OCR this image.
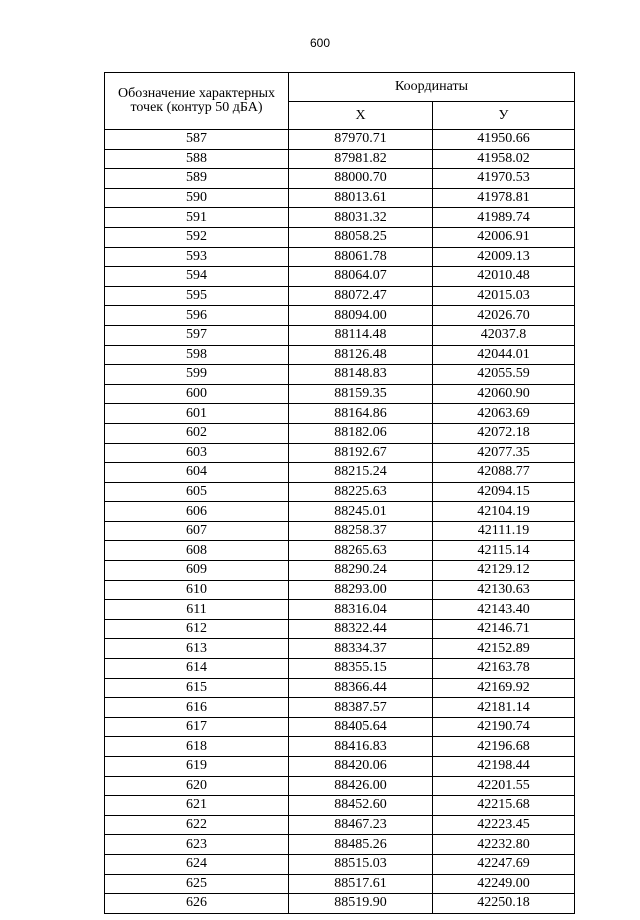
600
Обозначение характерных точек (контур 50 дБА)	Координаты	
	Х	У
587	87970.71	41950.66
588	87981.82	41958.02
589	88000.70	41970.53
590	88013.61	41978.81
591	88031.32	41989.74
592	88058.25	42006.91
593	88061.78	42009.13
594	88064.07	42010.48
595	88072.47	42015.03
596	88094.00	42026.70
597	88114.48	42037.8
598	88126.48	42044.01
599	88148.83	42055.59
600	88159.35	42060.90
601	88164.86	42063.69
602	88182.06	42072.18
603	88192.67	42077.35
604	88215.24	42088.77
605	88225.63	42094.15
606	88245.01	42104.19
607	88258.37	42111.19
608	88265.63	42115.14
609	88290.24	42129.12
610	88293.00	42130.63
611	88316.04	42143.40
612	88322.44	42146.71
613	88334.37	42152.89
614	88355.15	42163.78
615	88366.44	42169.92
616	88387.57	42181.14
617	88405.64	42190.74
618	88416.83	42196.68
619	88420.06	42198.44
620	88426.00	42201.55
621	88452.60	42215.68
622	88467.23	42223.45
623	88485.26	42232.80
624	88515.03	42247.69
625	88517.61	42249.00
626	88519.90	42250.18
